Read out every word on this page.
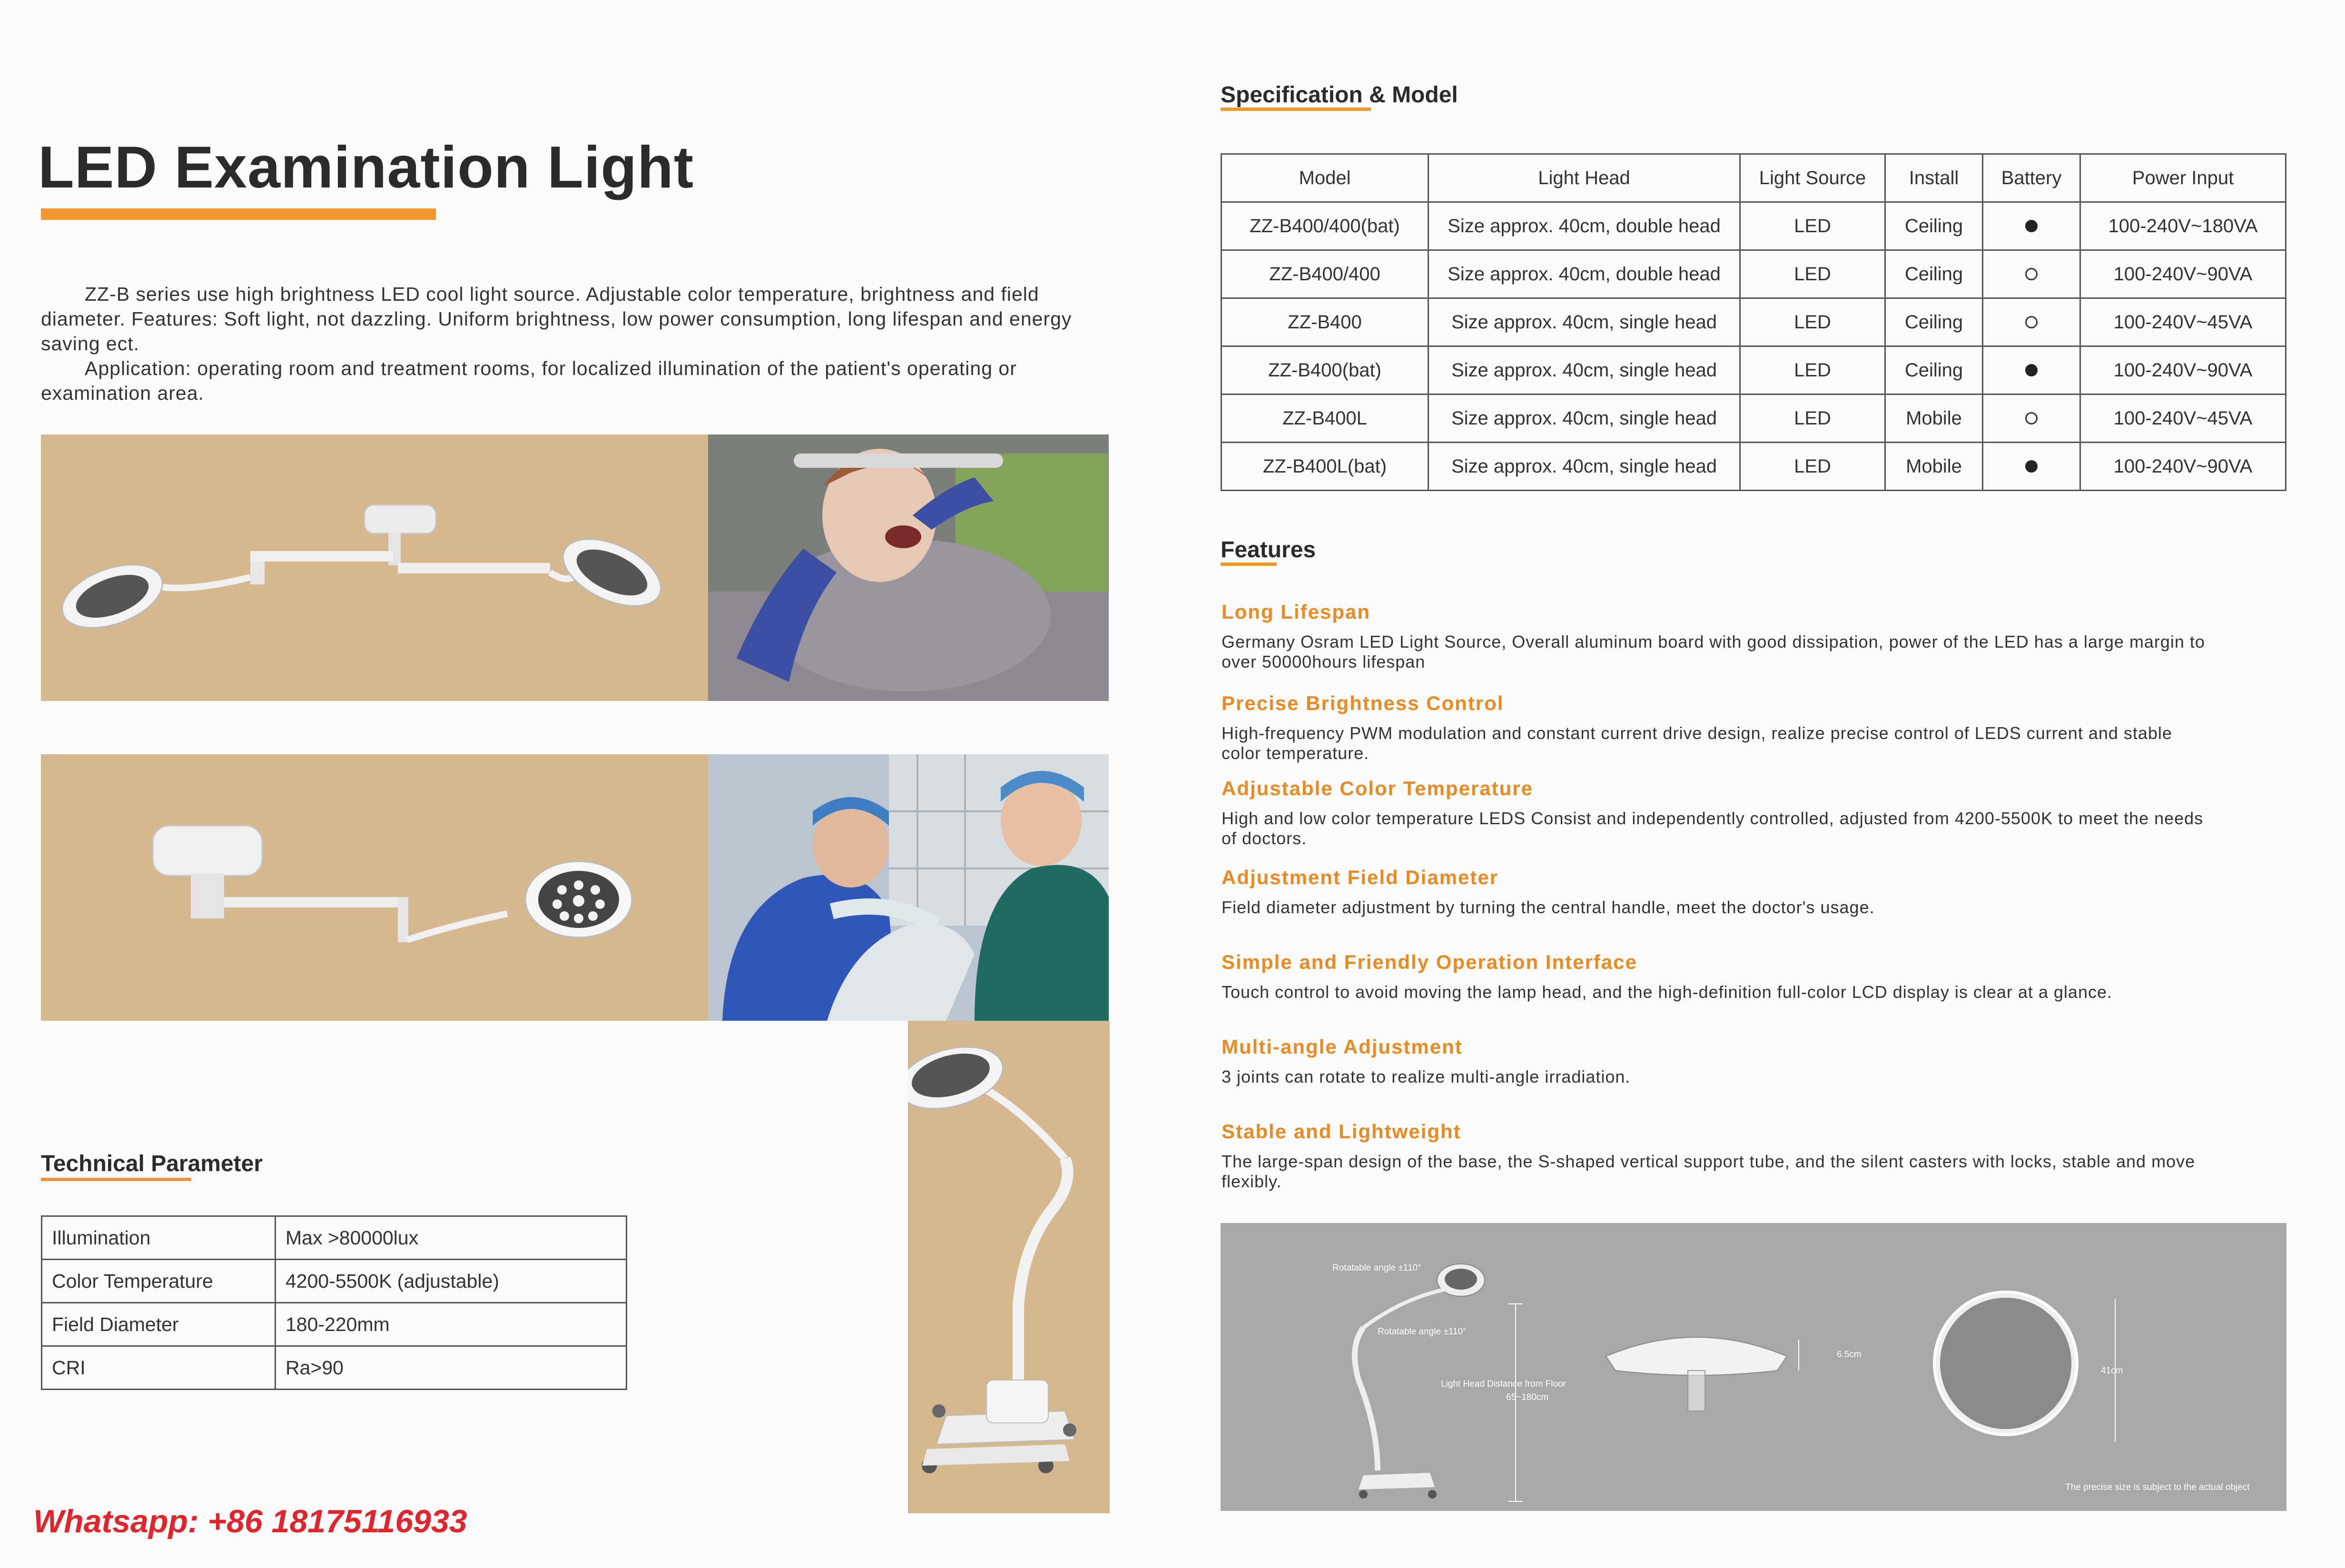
LED Examination Light

ZZ-B series use high brightness LED cool light source. Adjustable color temperature, brightness and field diameter. Features: Soft light, not dazzling. Uniform brightness, low power consumption, long lifespan and energy saving ect.

Application: operating room and treatment rooms, for localized illumination of the patient's operating or examination area.

Technical Parameter
Illumination	Max >80000lux
Color Temperature	4200-5500K (adjustable)
Field Diameter	180-220mm
CRI	Ra>90
Whatsapp: +86 18175116933
Specification & Model
Model	Light Head	Light Source	Install	Battery	Power Input
ZZ-B400/400(bat)	Size approx. 40cm, double head	LED	Ceiling		100-240V~180VA
ZZ-B400/400	Size approx. 40cm, double head	LED	Ceiling		100-240V~90VA
ZZ-B400	Size approx. 40cm, single head	LED	Ceiling		100-240V~45VA
ZZ-B400(bat)	Size approx. 40cm, single head	LED	Ceiling		100-240V~90VA
ZZ-B400L	Size approx. 40cm, single head	LED	Mobile		100-240V~45VA
ZZ-B400L(bat)	Size approx. 40cm, single head	LED	Mobile		100-240V~90VA
Features
Long Lifespan
Germany Osram LED Light Source, Overall aluminum board with good dissipation, power of the LED has a large margin to over 50000hours lifespan
Precise Brightness Control
High-frequency PWM modulation and constant current drive design, realize precise control of LEDS current and stable color temperature.
Adjustable Color Temperature
High and low color temperature LEDS Consist and independently controlled, adjusted from 4200-5500K to meet the needs of doctors.
Adjustment Field Diameter
Field diameter adjustment by turning the central handle, meet the doctor's usage.
Simple and Friendly Operation Interface
Touch control to avoid moving the lamp head, and the high-definition full-color LCD display is clear at a glance.
Multi-angle Adjustment
3 joints can rotate to realize multi-angle irradiation.
Stable and Lightweight
The large-span design of the base, the S-shaped vertical support tube, and the silent casters with locks, stable and move flexibly.
Rotatable angle ±110°
Rotatable angle ±110°
Light Head Distance from Floor
65~180cm
6.5cm
41cm
The precise size is subject to the actual object
